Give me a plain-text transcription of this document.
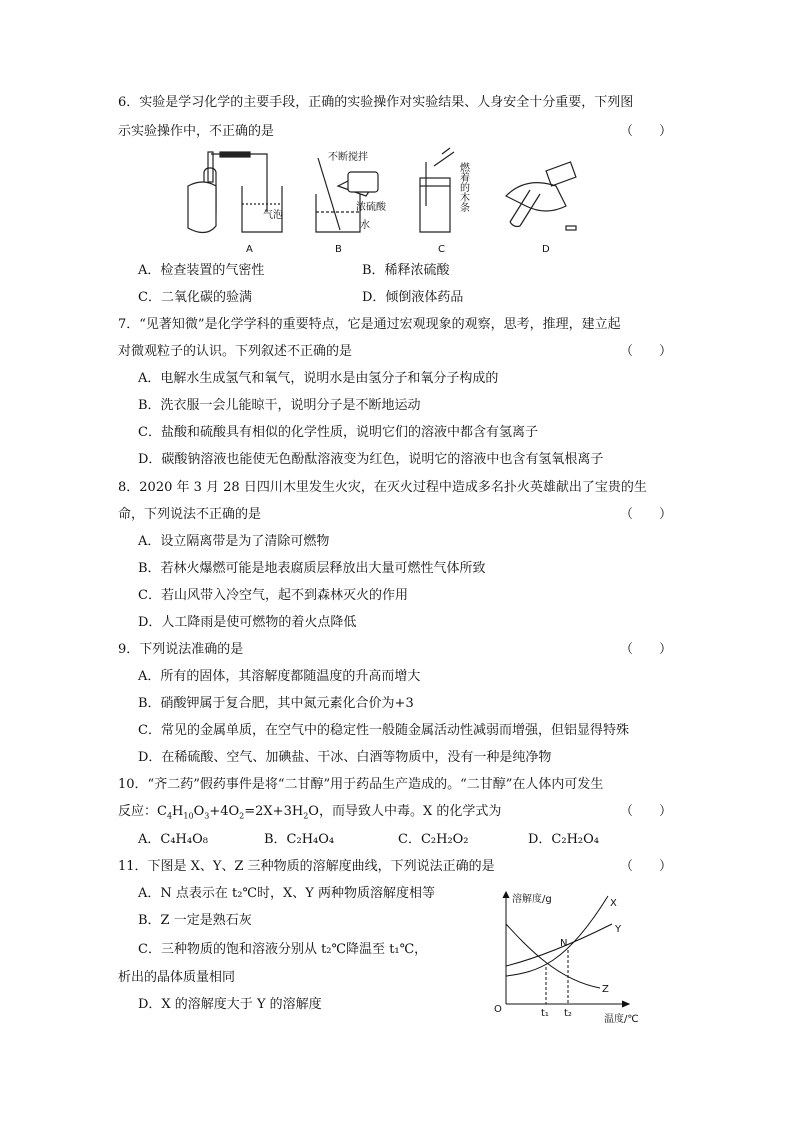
6．实验是学习化学的主要手段，正确的实验操作对实验结果、人身安全十分重要，下列图
示实验操作中，不正确的是	（　　）
气泡
A
不断搅拌
浓硫酸
水
B
燃着的木条
C	D
A．检查装置的气密性	B．稀释浓硫酸
C．二氧化碳的验满	D．倾倒液体药品
7．“见著知微”是化学学科的重要特点，它是通过宏观现象的观察，思考，推理，建立起
对微观粒子的认识。下列叙述不正确的是	（　　）
A．电解水生成氢气和氧气，说明水是由氢分子和氧分子构成的
B．洗衣服一会儿能晾干，说明分子是不断地运动
C．盐酸和硫酸具有相似的化学性质，说明它们的溶液中都含有氢离子
D．碳酸钠溶液也能使无色酚酞溶液变为红色，说明它的溶液中也含有氢氧根离子
8．2020 年 3 月 28 日四川木里发生火灾，在灭火过程中造成多名扑火英雄献出了宝贵的生
命，下列说法不正确的是	（　　）
A．设立隔离带是为了清除可燃物
B．若林火爆燃可能是地表腐质层释放出大量可燃性气体所致
C．若山风带入冷空气，起不到森林灭火的作用
D．人工降雨是使可燃物的着火点降低
9．下列说法准确的是	（　　）
A．所有的固体，其溶解度都随温度的升高而增大
B．硝酸钾属于复合肥，其中氮元素化合价为+3
C．常见的金属单质，在空气中的稳定性一般随金属活动性减弱而增强，但铝显得特殊
D．在稀硫酸、空气、加碘盐、干冰、白酒等物质中，没有一种是纯净物
10．“齐二药”假药事件是将“二甘醇”用于药品生产造成的。“二甘醇”在人体内可发生
反应：$C_4H_{10}O_3+4O_2=2X+3H_2O$，而导致人中毒。X 的化学式为	（　　）
A．C₄H₄O₈	B．C₂H₄O₄	C．C₂H₂O₂	D．C₂H₂O₄
11．下图是 X、Y、Z 三种物质的溶解度曲线，下列说法正确的是	（　　）
A．N 点表示在 t₂℃时，X、Y 两种物质溶解度相等
B．Z 一定是熟石灰
C．三种物质的饱和溶液分别从 t₂℃降温至 t₁℃，
析出的晶体质量相同
D．X 的溶解度大于 Y 的溶解度
溶解度/g
温度/℃
O	t₁ t₂
X
Y
Z
N
